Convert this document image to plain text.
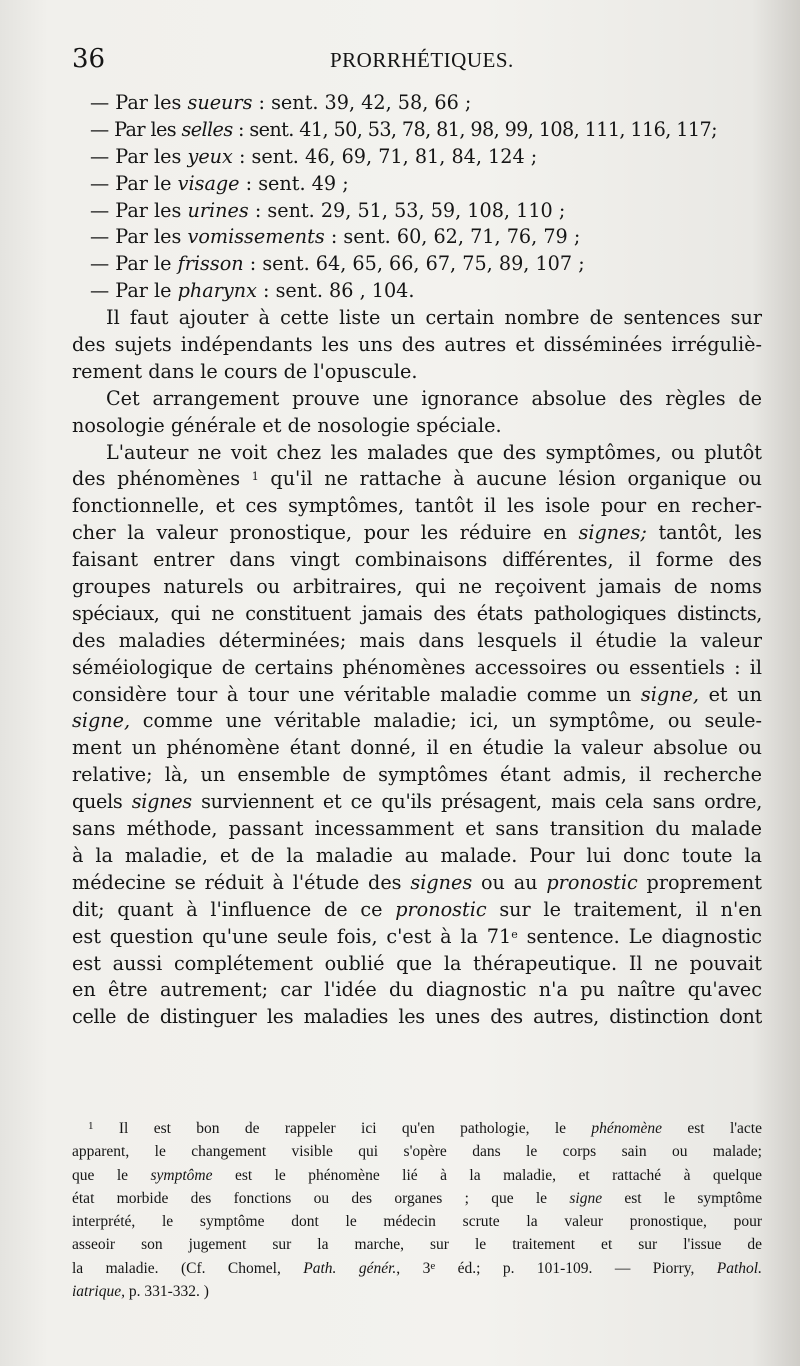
36	PRORRHÉTIQUES.
— Par les sueurs : sent. 39, 42, 58, 66 ;
— Par les selles : sent. 41, 50, 53, 78, 81, 98, 99, 108, 111, 116, 117;
— Par les yeux : sent. 46, 69, 71, 81, 84, 124 ;
— Par le visage : sent. 49 ;
— Par les urines : sent. 29, 51, 53, 59, 108, 110 ;
— Par les vomissements : sent. 60, 62, 71, 76, 79 ;
— Par le frisson : sent. 64, 65, 66, 67, 75, 89, 107 ;
— Par le pharynx : sent. 86 , 104.
Il faut ajouter à cette liste un certain nombre de sentences sur
des sujets indépendants les uns des autres et disséminées irréguliè-
rement dans le cours de l'opuscule.
Cet arrangement prouve une ignorance absolue des règles de
nosologie générale et de nosologie spéciale.
L'auteur ne voit chez les malades que des symptômes, ou plutôt
des phénomènes $^1$ qu'il ne rattache à aucune lésion organique ou
fonctionnelle, et ces symptômes, tantôt il les isole pour en recher-
cher la valeur pronostique, pour les réduire en signes; tantôt, les
faisant entrer dans vingt combinaisons différentes, il forme des
groupes naturels ou arbitraires, qui ne reçoivent jamais de noms
spéciaux, qui ne constituent jamais des états pathologiques distincts,
des maladies déterminées; mais dans lesquels il étudie la valeur
séméiologique de certains phénomènes accessoires ou essentiels : il
considère tour à tour une véritable maladie comme un signe, et un
signe, comme une véritable maladie; ici, un symptôme, ou seule-
ment un phénomène étant donné, il en étudie la valeur absolue ou
relative; là, un ensemble de symptômes étant admis, il recherche
quels signes surviennent et ce qu'ils présagent, mais cela sans ordre,
sans méthode, passant incessamment et sans transition du malade
à la maladie, et de la maladie au malade. Pour lui donc toute la
médecine se réduit à l'étude des signes ou au pronostic proprement
dit; quant à l'influence de ce pronostic sur le traitement, il n'en
est question qu'une seule fois, c'est à la 71e sentence. Le diagnostic
est aussi complétement oublié que la thérapeutique. Il ne pouvait
en être autrement; car l'idée du diagnostic n'a pu naître qu'avec
celle de distinguer les maladies les unes des autres, distinction dont
$^1$ Il est bon de rappeler ici qu'en pathologie, le phénomène est l'acte
apparent, le changement visible qui s'opère dans le corps sain ou malade;
que le symptôme est le phénomène lié à la maladie, et rattaché à quelque
état morbide des fonctions ou des organes ; que le signe est le symptôme
interprété, le symptôme dont le médecin scrute la valeur pronostique, pour
asseoir son jugement sur la marche, sur le traitement et sur l'issue de
la maladie. (Cf. Chomel, Path. génér., 3e éd.; p. 101-109. — Piorry, Pathol.
iatrique, p. 331-332. )
